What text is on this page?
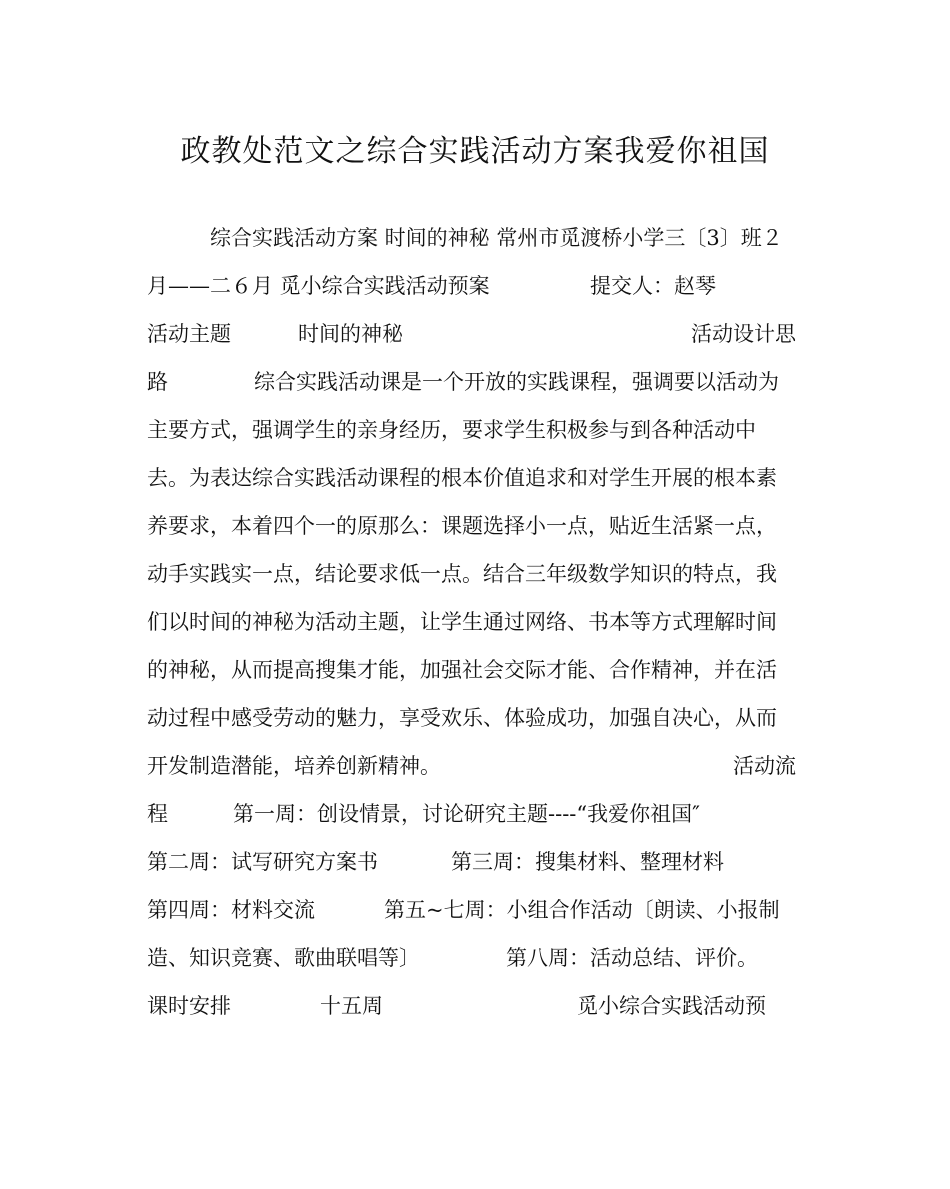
政教处范文之综合实践活动方案我爱你祖国
综合实践活动方案 时间的神秘 常州市觅渡桥小学三〔3〕班２
月——二６月 觅小综合实践活动预案	提交人：赵琴
活动主题	时间的神秘	活动设计思
路	综合实践活动课是一个开放的实践课程，强调要以活动为
主要方式，强调学生的亲身经历，要求学生积极参与到各种活动中
去。为表达综合实践活动课程的根本价值追求和对学生开展的根本素
养要求，本着四个一的原那么：课题选择小一点，贴近生活紧一点，
动手实践实一点，结论要求低一点。结合三年级数学知识的特点，我
们以时间的神秘为活动主题，让学生通过网络、书本等方式理解时间
的神秘，从而提高搜集才能，加强社会交际才能、合作精神，并在活
动过程中感受劳动的魅力，享受欢乐、体验成功，加强自决心，从而
开发制造潜能，培养创新精神。	活动流
程	第一周：创设情景，讨论研究主题----“我爱你祖国″
第二周：试写研究方案书	第三周：搜集材料、整理材料
第四周：材料交流	第五~七周：小组合作活动〔朗读、小报制
造、知识竞赛、歌曲联唱等〕	第八周：活动总结、评价。
课时安排	十五周	觅小综合实践活动预
